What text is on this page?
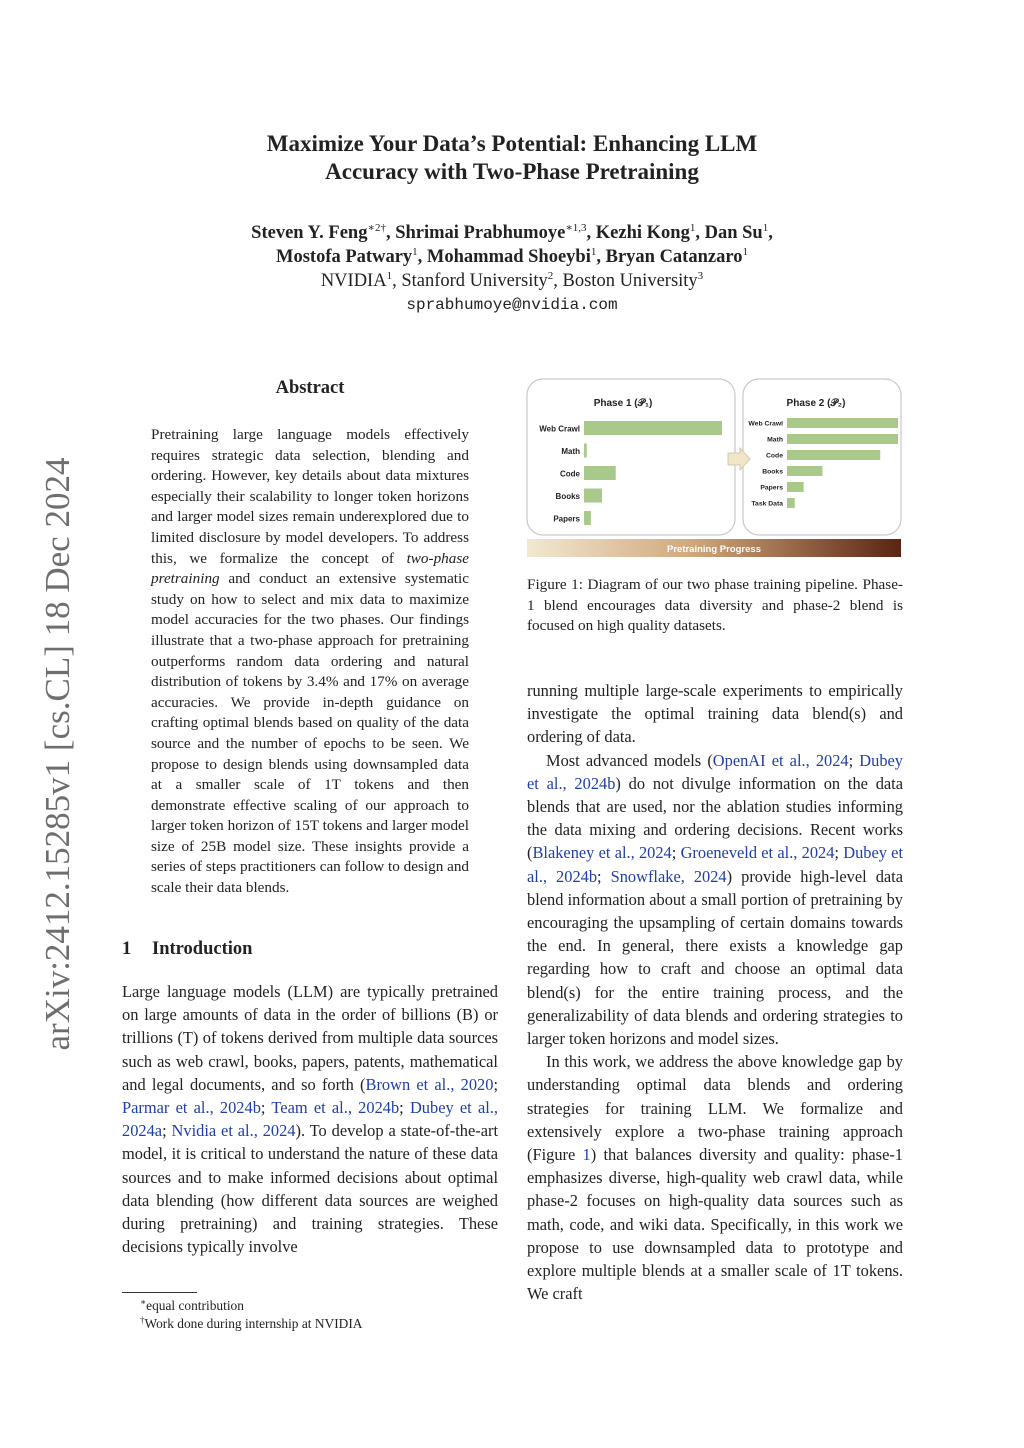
arXiv:2412.15285v1 [cs.CL] 18 Dec 2024
Maximize Your Data’s Potential: Enhancing LLM
Accuracy with Two-Phase Pretraining
Steven Y. Feng$^{∗2\dagger}$, Shrimai Prabhumoye$^{∗1,3}$, Kezhi Kong$^1$, Dan Su$^1$,
Mostofa Patwary$^1$, Mohammad Shoeybi$^1$, Bryan Catanzaro$^1$
NVIDIA$^1$, Stanford University$^2$, Boston University$^3$
sprabhumoye@nvidia.com
Abstract

Pretraining large language models effectively requires strategic data selection, blending and ordering. However, key details about data mixtures especially their scalability to longer token horizons and larger model sizes remain underexplored due to limited disclosure by model developers. To address this, we formalize the concept of two-phase pretraining and conduct an extensive systematic study on how to select and mix data to maximize model accuracies for the two phases. Our findings illustrate that a two-phase approach for pretraining outperforms random data ordering and natural distribution of tokens by 3.4% and 17% on average accuracies. We provide in-depth guidance on crafting optimal blends based on quality of the data source and the number of epochs to be seen. We propose to design blends using downsampled data at a smaller scale of 1T tokens and then demonstrate effective scaling of our approach to larger token horizon of 15T tokens and larger model size of 25B model size. These insights provide a series of steps practitioners can follow to design and scale their data blends.

1 Introduction

Large language models (LLM) are typically pretrained on large amounts of data in the order of billions (B) or trillions (T) of tokens derived from multiple data sources such as web crawl, books, papers, patents, mathematical and legal documents, and so forth (Brown et al., 2020; Parmar et al., 2024b; Team et al., 2024b; Dubey et al., 2024a; Nvidia et al., 2024). To develop a state-of-the-art model, it is critical to understand the nature of these data sources and to make informed decisions about optimal data blending (how different data sources are weighed during pretraining) and training strategies. These decisions typically involve

running multiple large-scale experiments to empirically investigate the optimal training data blend(s) and ordering of data.

Most advanced models (OpenAI et al., 2024; Dubey et al., 2024b) do not divulge information on the data blends that are used, nor the ablation studies informing the data mixing and ordering decisions. Recent works (Blakeney et al., 2024; Groeneveld et al., 2024; Dubey et al., 2024b; Snowflake, 2024) provide high-level data blend information about a small portion of pretraining by encouraging the upsampling of certain domains towards the end. In general, there exists a knowledge gap regarding how to craft and choose an optimal data blend(s) for the entire training process, and the generalizability of data blends and ordering strategies to larger token horizons and model sizes.

In this work, we address the above knowledge gap by understanding optimal data blends and ordering strategies for training LLM. We formalize and extensively explore a two-phase training approach (Figure 1) that balances diversity and quality: phase-1 emphasizes diverse, high-quality web crawl data, while phase-2 focuses on high-quality data sources such as math, code, and wiki data. Specifically, in this work we propose to use downsampled data to prototype and explore multiple blends at a smaller scale of 1T tokens. We craft

∗equal contribution
†Work done during internship at NVIDIA
Phase 1 (𝒫₁)	Phase 2 (𝒫₂)
Web Crawl
Math
Code
Books
Papers
Web Crawl
Math
Code
Books
Papers
Task Data
Pretraining Progress
Figure 1: Diagram of our two phase training pipeline. Phase-1 blend encourages data diversity and phase-2 blend is focused on high quality datasets.
